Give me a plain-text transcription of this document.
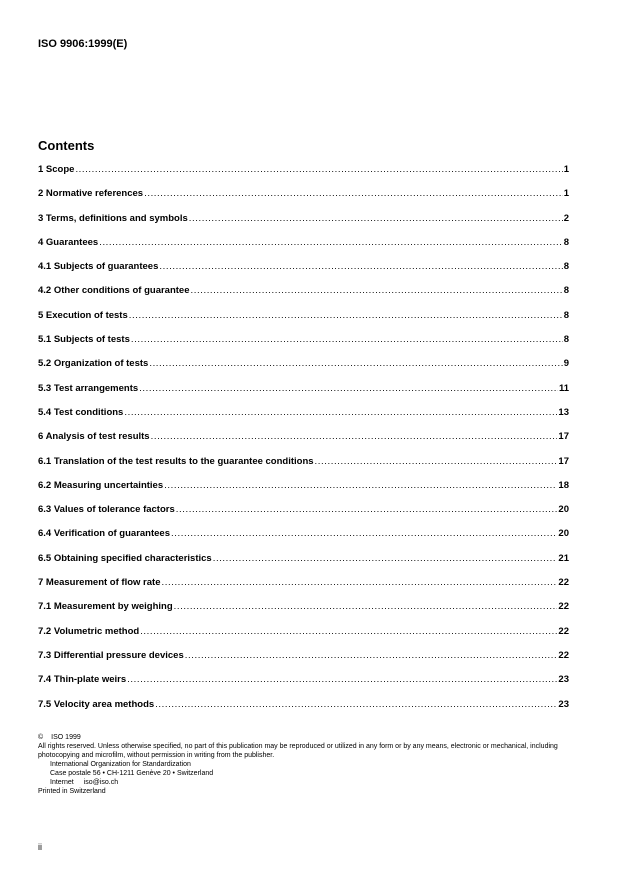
ISO 9906:1999(E)
Contents
1 Scope .....	1
2 Normative references .....	1
3 Terms, definitions and symbols .....	2
4 Guarantees .....	8
4.1 Subjects of guarantees .....	8
4.2 Other conditions of guarantee .....	8
5 Execution of tests .....	8
5.1 Subjects of tests .....	8
5.2 Organization of tests .....	9
5.3 Test arrangements .....	11
5.4 Test conditions .....	13
6 Analysis of test results .....	17
6.1 Translation of the test results to the guarantee conditions .....	17
6.2 Measuring uncertainties .....	18
6.3 Values of tolerance factors .....	20
6.4 Verification of guarantees .....	20
6.5 Obtaining specified characteristics .....	21
7 Measurement of flow rate .....	22
7.1 Measurement by weighing .....	22
7.2 Volumetric method .....	22
7.3 Differential pressure devices .....	22
7.4 Thin-plate weirs .....	23
7.5 Velocity area methods .....	23

© ISO 1999

All rights reserved. Unless otherwise specified, no part of this publication may be reproduced or utilized in any form or by any means, electronic or mechanical, including photocopying and microfilm, without permission in writing from the publisher.

International Organization for Standardization

Case postale 56 • CH-1211 Genève 20 • Switzerland

Internet iso@iso.ch

Printed in Switzerland

ii
